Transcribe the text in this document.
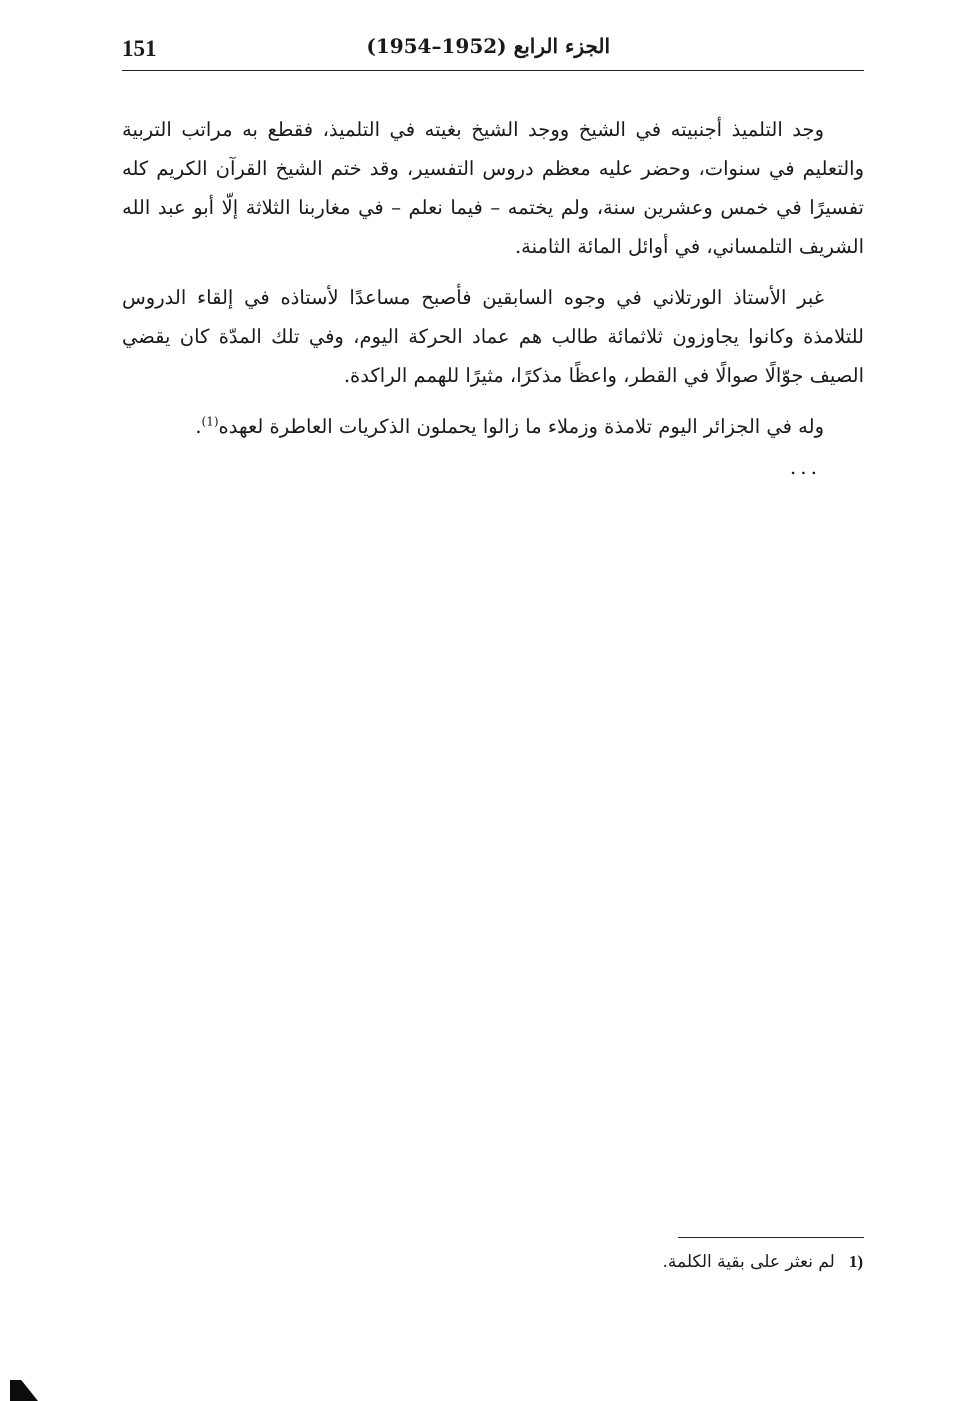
151	الجزء الرابع (1952–1954)

وجد التلميذ أجنبيته في الشيخ ووجد الشيخ بغيته في التلميذ، فقطع به مراتب التربية والتعليم في سنوات، وحضر عليه معظم دروس التفسير، وقد ختم الشيخ القرآن الكريم كله تفسيرًا في خمس وعشرين سنة، ولم يختمه – فيما نعلم – في مغاربنا الثلاثة إلّا أبو عبد الله الشريف التلمساني، في أوائل المائة الثامنة.

غبر الأستاذ الورتلاني في وجوه السابقين فأصبح مساعدًا لأستاذه في إلقاء الدروس للتلامذة وكانوا يجاوزون ثلاثمائة طالب هم عماد الحركة اليوم، وفي تلك المدّة كان يقضي الصيف جوّالًا صوالًا في القطر، واعظًا مذكرًا، مثيرًا للهمم الراكدة.

وله في الجزائر اليوم تلامذة وزملاء ما زالوا يحملون الذكريات العاطرة لعهده$^{(1)}$.

...
1)لم نعثر على بقية الكلمة.
